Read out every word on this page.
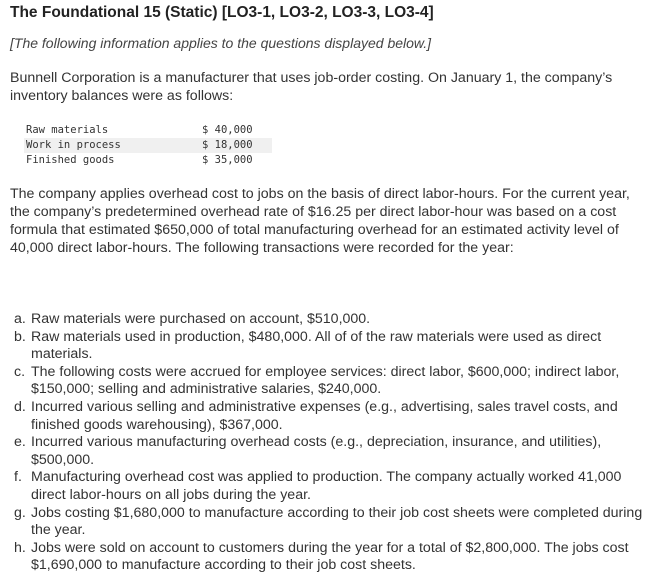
The Foundational 15 (Static) [LO3-1, LO3-2, LO3-3, LO3-4]
[The following information applies to the questions displayed below.]
Bunnell Corporation is a manufacturer that uses job-order costing. On January 1, the company’s inventory balances were as follows:
Raw materials	$ 40,000
Work in process	$ 18,000
Finished goods	$ 35,000
The company applies overhead cost to jobs on the basis of direct labor-hours. For the current year, the company’s predetermined overhead rate of $16.25 per direct labor-hour was based on a cost formula that estimated $650,000 of total manufacturing overhead for an estimated activity level of 40,000 direct labor-hours. The following transactions were recorded for the year:
a. Raw materials were purchased on account, $510,000.
b. Raw materials used in production, $480,000. All of of the raw materials were used as direct materials.
c. The following costs were accrued for employee services: direct labor, $600,000; indirect labor, $150,000; selling and administrative salaries, $240,000.
d. Incurred various selling and administrative expenses (e.g., advertising, sales travel costs, and finished goods warehousing), $367,000.
e. Incurred various manufacturing overhead costs (e.g., depreciation, insurance, and utilities), $500,000.
f. Manufacturing overhead cost was applied to production. The company actually worked 41,000 direct labor-hours on all jobs during the year.
g. Jobs costing $1,680,000 to manufacture according to their job cost sheets were completed during the year.
h. Jobs were sold on account to customers during the year for a total of $2,800,000. The jobs cost $1,690,000 to manufacture according to their job cost sheets.
